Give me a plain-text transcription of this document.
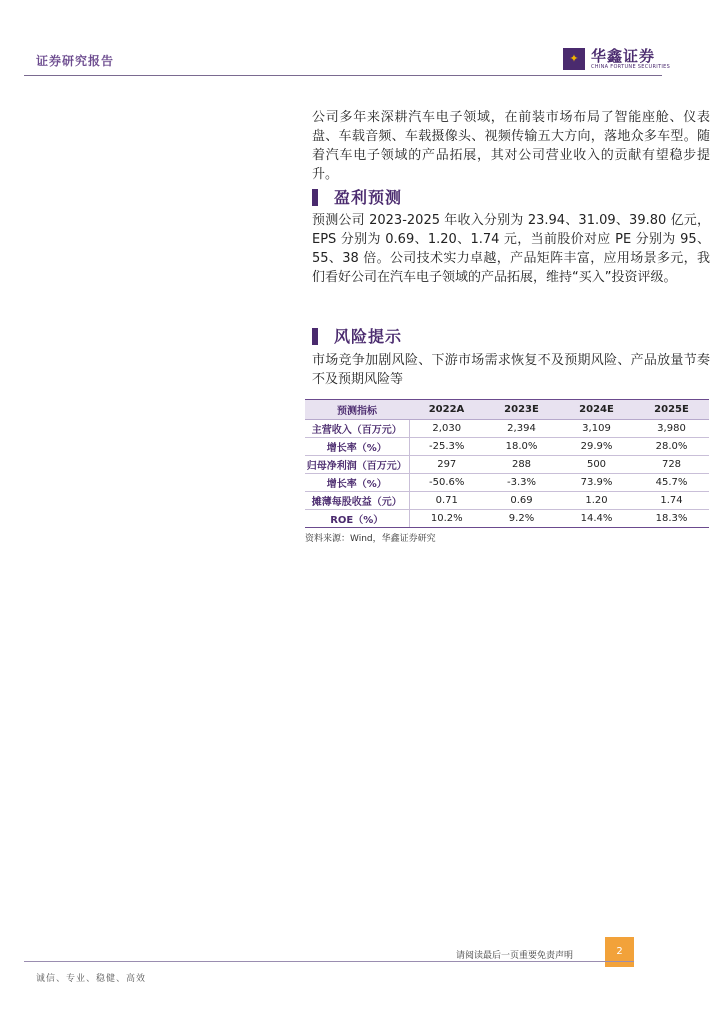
证券研究报告	✦ 华鑫证券
CHINA FORTUNE SECURITIES
公司多年来深耕汽车电子领域，在前装市场布局了智能座舱、仪表盘、车载音频、车载摄像头、视频传输五大方向，落地众多车型。随着汽车电子领域的产品拓展，其对公司营业收入的贡献有望稳步提升。
盈利预测
预测公司 2023-2025 年收入分别为 23.94、31.09、39.80 亿元，EPS 分别为 0.69、1.20、1.74 元，当前股价对应 PE 分别为 95、55、38 倍。公司技术实力卓越，产品矩阵丰富，应用场景多元，我们看好公司在汽车电子领域的产品拓展，维持“买入”投资评级。
风险提示
市场竞争加剧风险、下游市场需求恢复不及预期风险、产品放量节奏不及预期风险等
预测指标	2022A	2023E	2024E	2025E
主营收入（百万元）	2,030	2,394	3,109	3,980
增长率（%）	-25.3%	18.0%	29.9%	28.0%
归母净利润（百万元）	297	288	500	728
增长率（%）	-50.6%	-3.3%	73.9%	45.7%
摊薄每股收益（元）	0.71	0.69	1.20	1.74
ROE（%）	10.2%	9.2%	14.4%	18.3%
资料来源：Wind，华鑫证券研究
请阅读最后一页重要免责声明	2
诚信、专业、稳健、高效
